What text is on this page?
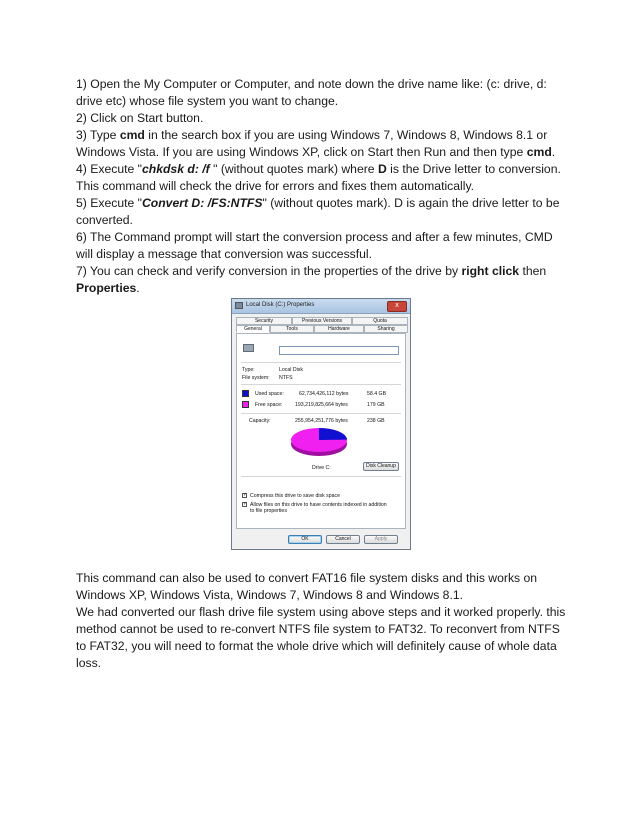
1) Open the My Computer or Computer, and note down the drive name like: (c: drive, d: drive etc) whose file system you want to change.

2) Click on Start button.

3) Type cmd in the search box if you are using Windows 7, Windows 8, Windows 8.1 or Windows Vista. If you are using Windows XP, click on Start then Run and then type cmd.

4) Execute "chkdsk d: /f " (without quotes mark) where D is the Drive letter to conversion. This command will check the drive for errors and fixes them automatically.

5) Execute "Convert D: /FS:NTFS" (without quotes mark). D is again the drive letter to be converted.

6) The Command prompt will start the conversion process and after a few minutes, CMD will display a message that conversion was successful.

7) You can check and verify conversion in the properties of the drive by right click then Properties.

Local Disk (C:) Properties	x
Security	Previous Versions	Quota
General	Tools	Hardware	Sharing
Type:	Local Disk
File system: NTFS
Used space:	62,734,426,112 bytes	58.4 GB
Free space: 193,219,825,664 bytes	179 GB
Capacity:	255,954,251,776 bytes	238 GB
Drive C:	Disk Cleanup
✓ Compress this drive to save disk space
✓ Allow files on this drive to have contents indexed in addition to file properties
OK	Cancel	Apply

This command can also be used to convert FAT16 file system disks and this works on Windows XP, Windows Vista, Windows 7, Windows 8 and Windows 8.1.

We had converted our flash drive file system using above steps and it worked properly. this method cannot be used to re-convert NTFS file system to FAT32. To reconvert from NTFS to FAT32, you will need to format the whole drive which will definitely cause of whole data loss.
